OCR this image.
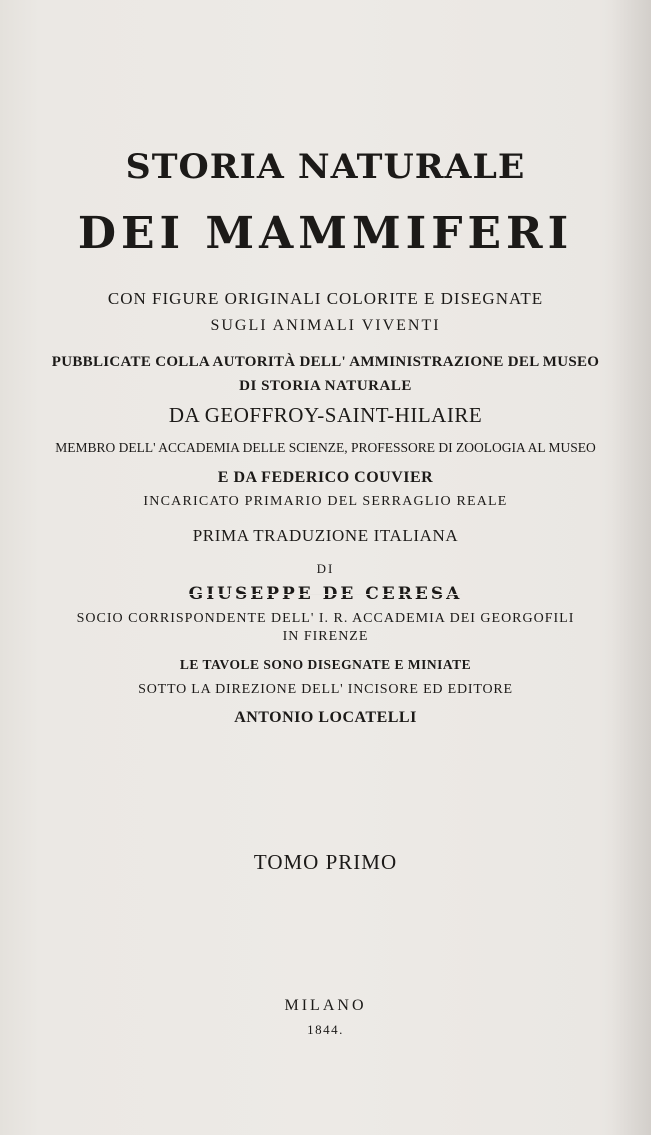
STORIA NATURALE
DEI MAMMIFERI
CON FIGURE ORIGINALI COLORITE E DISEGNATE
SUGLI ANIMALI VIVENTI
PUBBLICATE COLLA AUTORITÀ DELL' AMMINISTRAZIONE DEL MUSEO
DI STORIA NATURALE
DA GEOFFROY-SAINT-HILAIRE
MEMBRO DELL' ACCADEMIA DELLE SCIENZE, PROFESSORE DI ZOOLOGIA AL MUSEO
E DA FEDERICO COUVIER
INCARICATO PRIMARIO DEL SERRAGLIO REALE
PRIMA TRADUZIONE ITALIANA
DI
GIUSEPPE DE CERESA
SOCIO CORRISPONDENTE DELL' I. R. ACCADEMIA DEI GEORGOFILI
IN FIRENZE
LE TAVOLE SONO DISEGNATE E MINIATE
SOTTO LA DIREZIONE DELL' INCISORE ED EDITORE
ANTONIO LOCATELLI
TOMO PRIMO
MILANO
1844.
